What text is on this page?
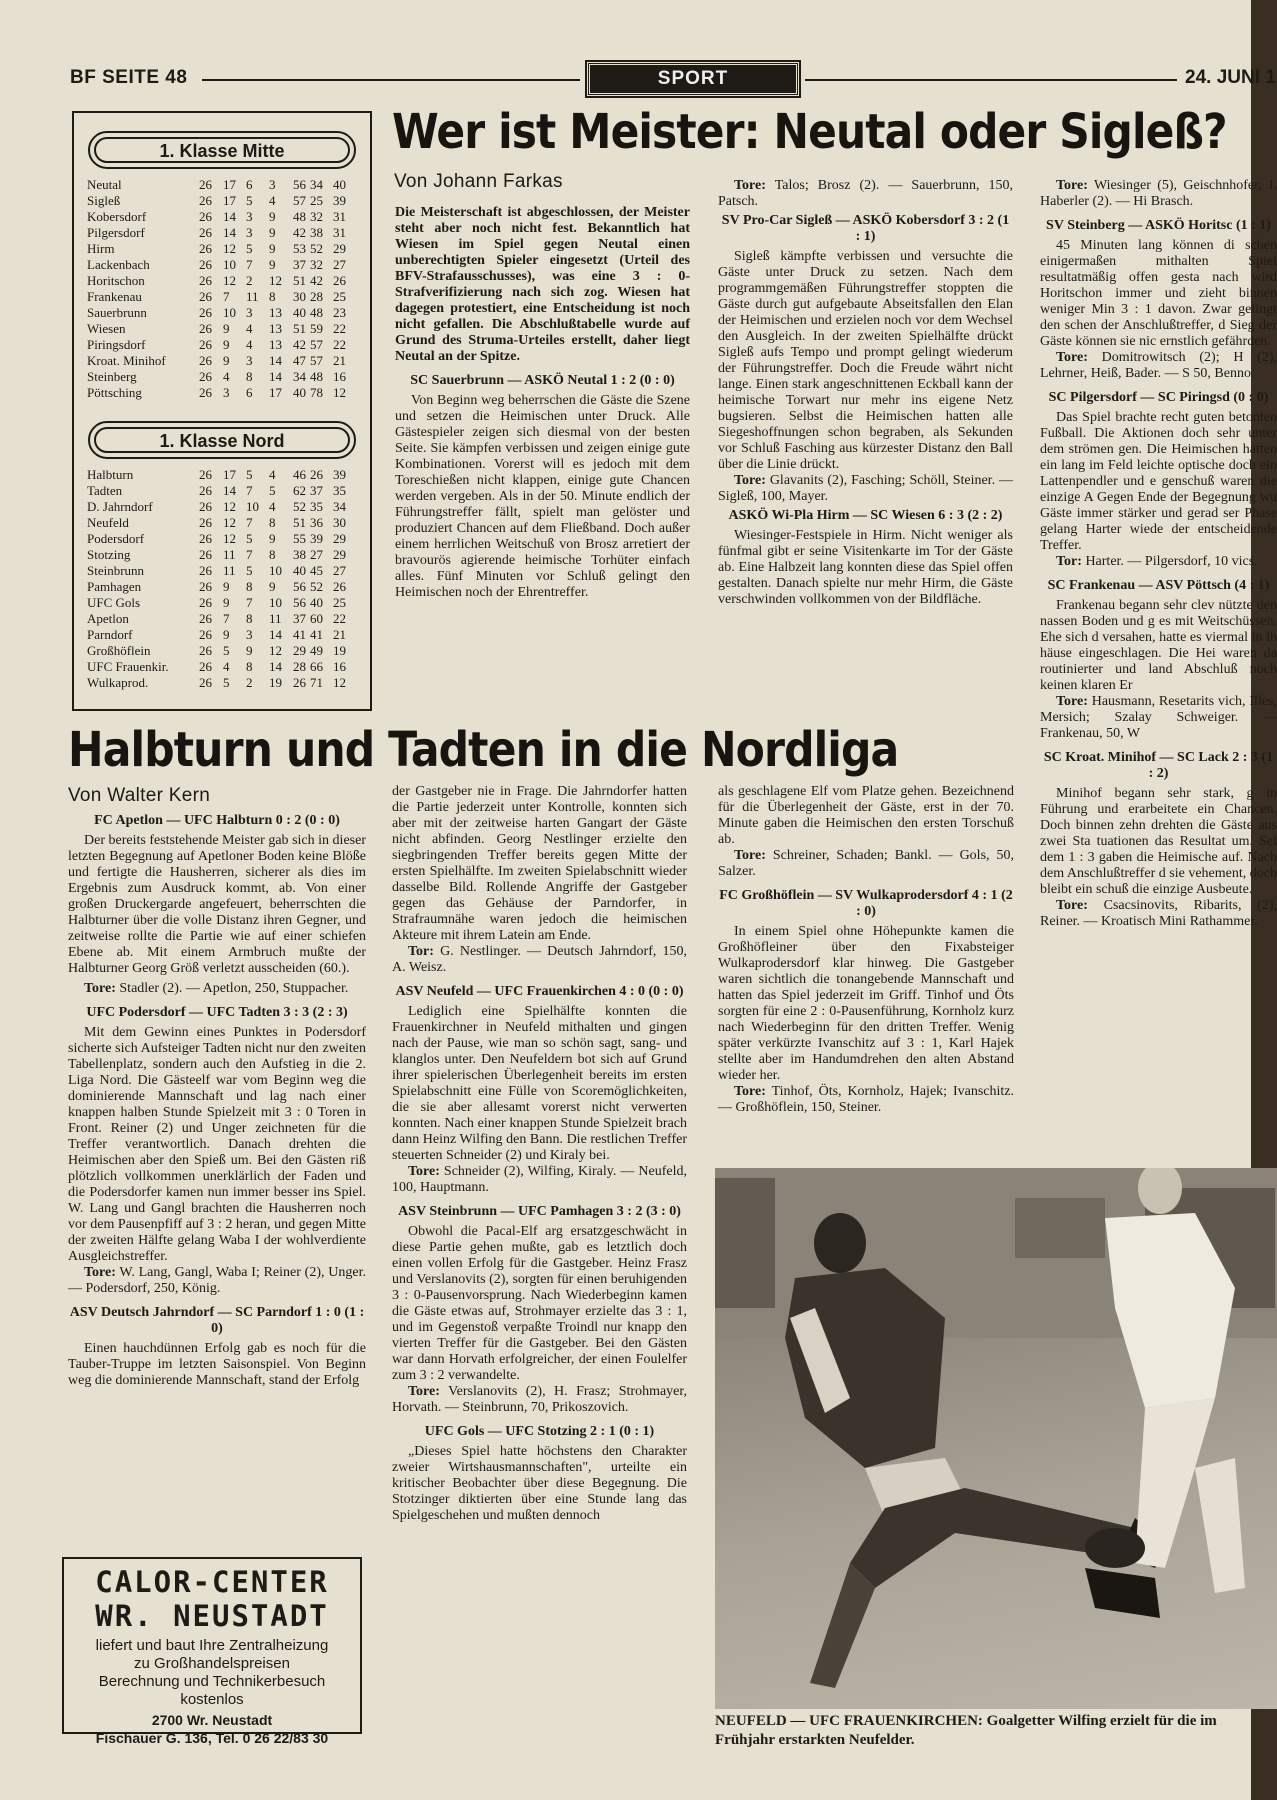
BF SEITE 48	SPORT	24. JUNI 1
1. Klasse Mitte
Neutal	26 17 6	3	56 34 40
Sigleß	26 17 5	4	57 25 39
Kobersdorf	26 14 3	9	48 32 31
Pilgersdorf	26 14 3	9	42 38 31
Hirm	26 12 5	9	53 52 29
Lackenbach	26 10 7	9	37 32 27
Horitschon	26 12 2	12 51 42 26
Frankenau	26 7	11 8	30 28 25
Sauerbrunn	26 10 3	13 40 48 23
Wiesen	26 9	4	13 51 59 22
Piringsdorf	26 9	4	13 42 57 22
Kroat. Minihof	26 9	3	14 47 57 21
Steinberg	26 4	8	14 34 48 16
Pöttsching	26 3	6	17 40 78 12
1. Klasse Nord
Halbturn	26 17 5	4	46 26 39
Tadten	26 14 7	5	62 37 35
D. Jahrndorf	26 12 10 4	52 35 34
Neufeld	26 12 7	8	51 36 30
Podersdorf	26 12 5	9	55 39 29
Stotzing	26 11 7	8	38 27 29
Steinbrunn	26 11 5	10 40 45 27
Pamhagen	26 9	8	9	56 52 26
UFC Gols	26 9	7	10 56 40 25
Apetlon	26 7	8	11 37 60 22
Parndorf	26 9	3	14 41 41 21
Großhöflein	26 5	9	12 29 49 19
UFC Frauenkir.	26 4	8	14 28 66 16
Wulkaprod.	26 5	2	19 26 71 12
Wer ist Meister: Neutal oder Sigleß?
Von Johann Farkas

Die Meisterschaft ist abgeschlossen, der Meister steht aber noch nicht fest. Bekanntlich hat Wiesen im Spiel gegen Neutal einen unberechtigten Spieler eingesetzt (Urteil des BFV-Strafausschusses), was eine 3 : 0-Strafverifizierung nach sich zog. Wiesen hat dagegen protestiert, eine Entscheidung ist noch nicht gefallen. Die Abschlußtabelle wurde auf Grund des Struma-Urteiles erstellt, daher liegt Neutal an der Spitze.

SC Sauerbrunn — ASKÖ Neutal 1 : 2 (0 : 0)

Von Beginn weg beherrschen die Gäste die Szene und setzen die Heimischen unter Druck. Alle Gästespieler zeigen sich diesmal von der besten Seite. Sie kämpfen verbissen und zeigen einige gute Kombinationen. Vorerst will es jedoch mit dem Toreschießen nicht klappen, einige gute Chancen werden vergeben. Als in der 50. Minute endlich der Führungstreffer fällt, spielt man gelöster und produziert Chancen auf dem Fließband. Doch außer einem herrlichen Weitschuß von Brosz arretiert der bravourös agierende heimische Torhüter einfach alles. Fünf Minuten vor Schluß gelingt den Heimischen noch der Ehrentreffer.

Tore: Talos; Brosz (2). — Sauerbrunn, 150, Patsch.

SV Pro-Car Sigleß — ASKÖ Kobersdorf 3 : 2 (1 : 1)

Sigleß kämpfte verbissen und versuchte die Gäste unter Druck zu setzen. Nach dem programmgemäßen Führungstreffer stoppten die Gäste durch gut aufgebaute Abseitsfallen den Elan der Heimischen und erzielen noch vor dem Wechsel den Ausgleich. In der zweiten Spielhälfte drückt Sigleß aufs Tempo und prompt gelingt wiederum der Führungstreffer. Doch die Freude währt nicht lange. Einen stark angeschnittenen Eckball kann der heimische Torwart nur mehr ins eigene Netz bugsieren. Selbst die Heimischen hatten alle Siegeshoffnungen schon begraben, als Sekunden vor Schluß Fasching aus kürzester Distanz den Ball über die Linie drückt.

Tore: Glavanits (2), Fasching; Schöll, Steiner. — Sigleß, 100, Mayer.

ASKÖ Wi-Pla Hirm — SC Wiesen 6 : 3 (2 : 2)

Wiesinger-Festspiele in Hirm. Nicht weniger als fünfmal gibt er seine Visitenkarte im Tor der Gäste ab. Eine Halbzeit lang konnten diese das Spiel offen gestalten. Danach spielte nur mehr Hirm, die Gäste verschwinden vollkommen von der Bildfläche.

Tore: Wiesinger (5), Geischnhofer, J. Haberler (2). — Hi Brasch.

SV Steinberg — ASKÖ Horitsc (1 : 1)

45 Minuten lang können di schen einigermaßen mithalten Spiel resultatmäßig offen gesta nach wird Horitschon immer und zieht binnen weniger Min 3 : 1 davon. Zwar gelingt den schen der Anschlußtreffer, d Sieg der Gäste können sie nic ernstlich gefährden.

Tore: Domitrowitsch (2); H (2), Lehrner, Heiß, Bader. — S 50, Benno.

SC Pilgersdorf — SC Piringsd (0 : 0)

Das Spiel brachte recht guten betonten Fußball. Die Aktionen doch sehr unter dem strömen gen. Die Heimischen hatten ein lang im Feld leichte optische doch ein Lattenpendler und e genschuß waren die einzige A Gegen Ende der Begegnung wu Gäste immer stärker und gerad ser Phase gelang Harter wiede der entscheidende Treffer.

Tor: Harter. — Pilgersdorf, 10 vics.

SC Frankenau — ASV Pöttsch (4 : 1)

Frankenau begann sehr clev nützte den nassen Boden und g es mit Weitschüssen. Ehe sich d versahen, hatte es viermal in ih häuse eingeschlagen. Die Hei waren da routinierter und land Abschluß noch keinen klaren Er

Tore: Hausmann, Resetarits vich, Illes, Mersich; Szalay Schweiger. — Frankenau, 50, W

SC Kroat. Minihof — SC Lack 2 : 3 (1 : 2)

Minihof begann sehr stark, g in Führung und erarbeitete ein Chancen. Doch binnen zehn drehten die Gäste aus zwei Sta tuationen das Resultat um. Sel dem 1 : 3 gaben die Heimische auf. Nach dem Anschlußtreffer d sie vehement, doch bleibt ein schuß die einzige Ausbeute.

Tore: Csacsinovits, Ribarits, (2), Reiner. — Kroatisch Mini Rathammer.

Halbturn und Tadten in die Nordliga
Von Walter Kern

FC Apetlon — UFC Halbturn 0 : 2 (0 : 0)

Der bereits feststehende Meister gab sich in dieser letzten Begegnung auf Apetloner Boden keine Blöße und fertigte die Hausherren, sicherer als dies im Ergebnis zum Ausdruck kommt, ab. Von einer großen Druckergarde angefeuert, beherrschten die Halbturner über die volle Distanz ihren Gegner, und zeitweise rollte die Partie wie auf einer schiefen Ebene ab. Mit einem Armbruch mußte der Halbturner Georg Größ verletzt ausscheiden (60.).

Tore: Stadler (2). — Apetlon, 250, Stuppacher.

UFC Podersdorf — UFC Tadten 3 : 3 (2 : 3)

Mit dem Gewinn eines Punktes in Podersdorf sicherte sich Aufsteiger Tadten nicht nur den zweiten Tabellenplatz, sondern auch den Aufstieg in die 2. Liga Nord. Die Gästeelf war vom Beginn weg die dominierende Mannschaft und lag nach einer knappen halben Stunde Spielzeit mit 3 : 0 Toren in Front. Reiner (2) und Unger zeichneten für die Treffer verantwortlich. Danach drehten die Heimischen aber den Spieß um. Bei den Gästen riß plötzlich vollkommen unerklärlich der Faden und die Podersdorfer kamen nun immer besser ins Spiel. W. Lang und Gangl brachten die Hausherren noch vor dem Pausenpfiff auf 3 : 2 heran, und gegen Mitte der zweiten Hälfte gelang Waba I der wohlverdiente Ausgleichstreffer.

Tore: W. Lang, Gangl, Waba I; Reiner (2), Unger. — Podersdorf, 250, König.

ASV Deutsch Jahrndorf — SC Parndorf 1 : 0 (1 : 0)

Einen hauchdünnen Erfolg gab es noch für die Tauber-Truppe im letzten Saisonspiel. Von Beginn weg die dominierende Mannschaft, stand der Erfolg

CALOR-CENTER
WR. NEUSTADT
liefert und baut Ihre Zentralheizung
zu Großhandelspreisen
Berechnung und Technikerbesuch
kostenlos
2700 Wr. Neustadt
Fischauer G. 136, Tel. 0 26 22/83 30

der Gastgeber nie in Frage. Die Jahrndorfer hatten die Partie jederzeit unter Kontrolle, konnten sich aber mit der zeitweise harten Gangart der Gäste nicht abfinden. Georg Nestlinger erzielte den siegbringenden Treffer bereits gegen Mitte der ersten Spielhälfte. Im zweiten Spielabschnitt wieder dasselbe Bild. Rollende Angriffe der Gastgeber gegen das Gehäuse der Parndorfer, in Strafraumnähe waren jedoch die heimischen Akteure mit ihrem Latein am Ende.

Tor: G. Nestlinger. — Deutsch Jahrndorf, 150, A. Weisz.

ASV Neufeld — UFC Frauenkirchen 4 : 0 (0 : 0)

Lediglich eine Spielhälfte konnten die Frauenkirchner in Neufeld mithalten und gingen nach der Pause, wie man so schön sagt, sang- und klanglos unter. Den Neufeldern bot sich auf Grund ihrer spielerischen Überlegenheit bereits im ersten Spielabschnitt eine Fülle von Scoremöglichkeiten, die sie aber allesamt vorerst nicht verwerten konnten. Nach einer knappen Stunde Spielzeit brach dann Heinz Wilfing den Bann. Die restlichen Treffer steuerten Schneider (2) und Kiraly bei.

Tore: Schneider (2), Wilfing, Kiraly. — Neufeld, 100, Hauptmann.

ASV Steinbrunn — UFC Pamhagen 3 : 2 (3 : 0)

Obwohl die Pacal-Elf arg ersatzgeschwächt in diese Partie gehen mußte, gab es letztlich doch einen vollen Erfolg für die Gastgeber. Heinz Frasz und Verslanovits (2), sorgten für einen beruhigenden 3 : 0-Pausenvorsprung. Nach Wiederbeginn kamen die Gäste etwas auf, Strohmayer erzielte das 3 : 1, und im Gegenstoß verpaßte Troindl nur knapp den vierten Treffer für die Gastgeber. Bei den Gästen war dann Horvath erfolgreicher, der einen Foulelfer zum 3 : 2 verwandelte.

Tore: Verslanovits (2), H. Frasz; Strohmayer, Horvath. — Steinbrunn, 70, Prikoszovich.

UFC Gols — UFC Stotzing 2 : 1 (0 : 1)

„Dieses Spiel hatte höchstens den Charakter zweier Wirtshausmannschaften", urteilte ein kritischer Beobachter über diese Begegnung. Die Stotzinger diktierten über eine Stunde lang das Spielgeschehen und mußten dennoch

als geschlagene Elf vom Platze gehen. Bezeichnend für die Überlegenheit der Gäste, erst in der 70. Minute gaben die Heimischen den ersten Torschuß ab.

Tore: Schreiner, Schaden; Bankl. — Gols, 50, Salzer.

FC Großhöflein — SV Wulkaprodersdorf 4 : 1 (2 : 0)

In einem Spiel ohne Höhepunkte kamen die Großhöfleiner über den Fixabsteiger Wulkaprodersdorf klar hinweg. Die Gastgeber waren sichtlich die tonangebende Mannschaft und hatten das Spiel jederzeit im Griff. Tinhof und Öts sorgten für eine 2 : 0-Pausenführung, Kornholz kurz nach Wiederbeginn für den dritten Treffer. Wenig später verkürzte Ivanschitz auf 3 : 1, Karl Hajek stellte aber im Handumdrehen den alten Abstand wieder her.

Tore: Tinhof, Öts, Kornholz, Hajek; Ivanschitz. — Großhöflein, 150, Steiner.

NEUFELD — UFC FRAUENKIRCHEN: Goalgetter Wilfing erzielt für die im Frühjahr erstarkten Neufelder.
